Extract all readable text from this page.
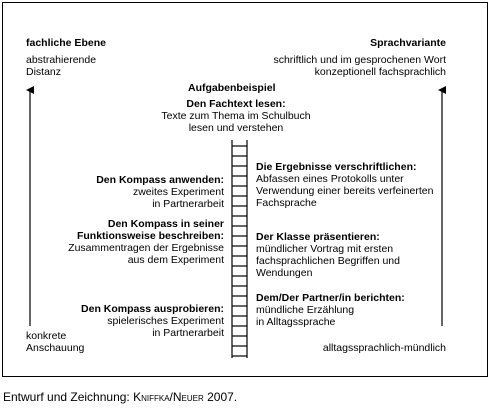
fachliche Ebene
abstrahierende
Distanz
konkrete
Anschauung
Sprachvariante
schriftlich und im gesprochenen Wort
konzeptionell fachsprachlich
alltagssprachlich-mündlich
Aufgabenbeispiel
Den Fachtext lesen:
Texte zum Thema im Schulbuch
lesen und verstehen
Den Kompass anwenden:
zweites Experiment
in Partnerarbeit
Den Kompass in seiner
Funktionsweise beschreiben:
Zusammentragen der Ergebnisse
aus dem Experiment
Den Kompass ausprobieren:
spielerisches Experiment
in Partnerarbeit
Die Ergebnisse verschriftlichen:
Abfassen eines Protokolls unter
Verwendung einer bereits verfeinerten
Fachsprache
Der Klasse präsentieren:
mündlicher Vortrag mit ersten
fachsprachlichen Begriffen und
Wendungen
Dem/Der Partner/in berichten:
mündliche Erzählung
in Alltagssprache
Entwurf und Zeichnung: Kniffka/Neuer 2007.
